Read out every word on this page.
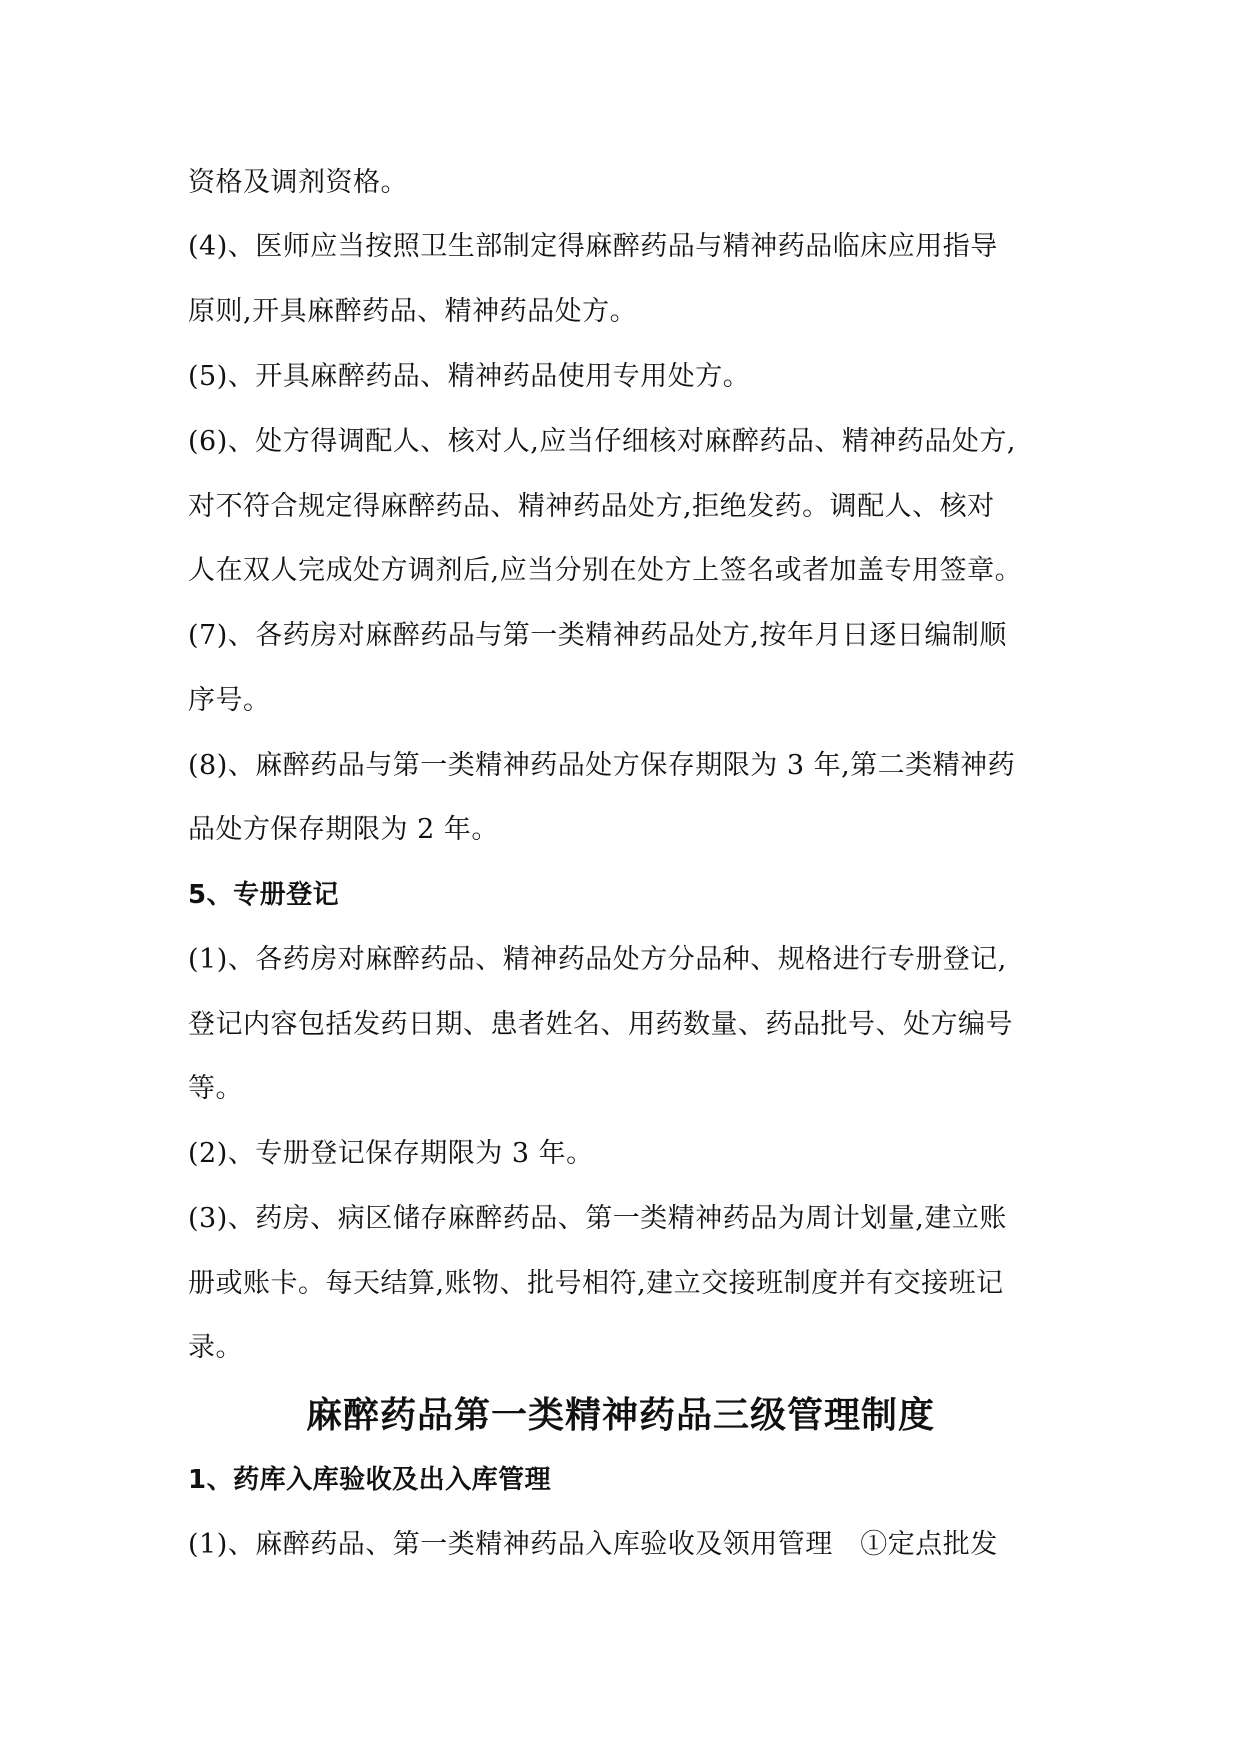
资格及调剂资格。
(4)、医师应当按照卫生部制定得麻醉药品与精神药品临床应用指导
原则,开具麻醉药品、精神药品处方。
(5)、开具麻醉药品、精神药品使用专用处方。
(6)、处方得调配人、核对人,应当仔细核对麻醉药品、精神药品处方,
对不符合规定得麻醉药品、精神药品处方,拒绝发药。调配人、核对
人在双人完成处方调剂后,应当分别在处方上签名或者加盖专用签章。
(7)、各药房对麻醉药品与第一类精神药品处方,按年月日逐日编制顺
序号。
(8)、麻醉药品与第一类精神药品处方保存期限为 3 年,第二类精神药
品处方保存期限为 2 年。
5、专册登记
(1)、各药房对麻醉药品、精神药品处方分品种、规格进行专册登记,
登记内容包括发药日期、患者姓名、用药数量、药品批号、处方编号
等。
(2)、专册登记保存期限为 3 年。
(3)、药房、病区储存麻醉药品、第一类精神药品为周计划量,建立账
册或账卡。每天结算,账物、批号相符,建立交接班制度并有交接班记
录。
麻醉药品第一类精神药品三级管理制度
1、药库入库验收及出入库管理
(1)、麻醉药品、第一类精神药品入库验收及领用管理　①定点批发
